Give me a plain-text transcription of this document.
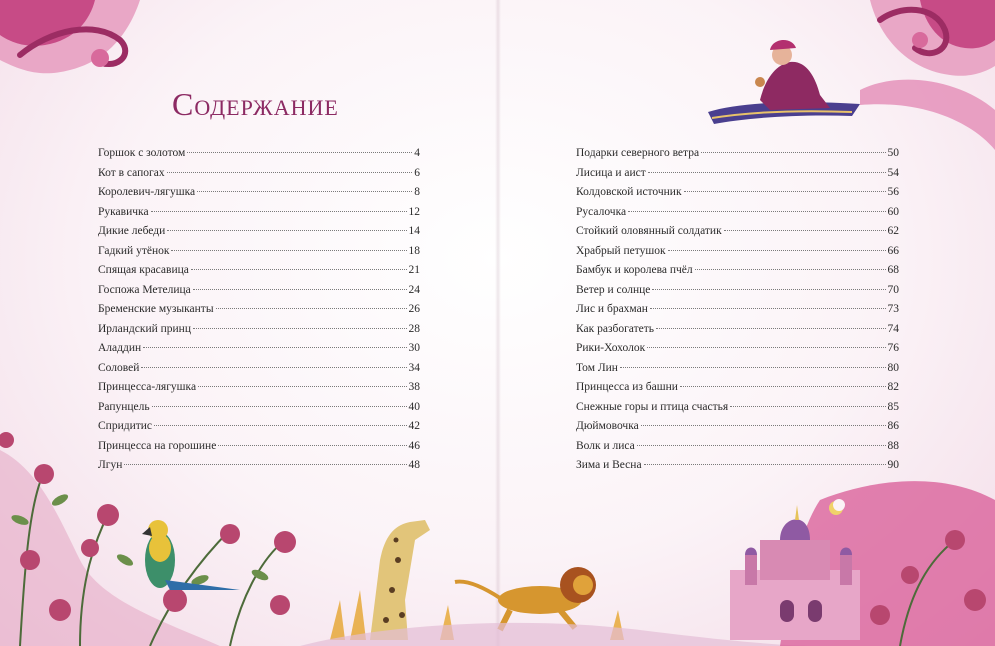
Содержание
Горшок с золотом	4
Кот в сапогах	6
Королевич-лягушка	8
Рукавичка	12
Дикие лебеди	14
Гадкий утёнок	18
Спящая красавица	21
Госпожа Метелица	24
Бременские музыканты	26
Ирландский принц	28
Аладдин	30
Соловей	34
Принцесса-лягушка	38
Рапунцель	40
Спридитис	42
Принцесса на горошине	46
Лгун	48
Подарки северного ветра	50
Лисица и аист	54
Колдовской источник	56
Русалочка	60
Стойкий оловянный солдатик	62
Храбрый петушок	66
Бамбук и королева пчёл	68
Ветер и солнце	70
Лис и брахман	73
Как разбогатеть	74
Рики-Хохолок	76
Том Лин	80
Принцесса из башни	82
Снежные горы и птица счастья	85
Дюймовочка	86
Волк и лиса	88
Зима и Весна	90
